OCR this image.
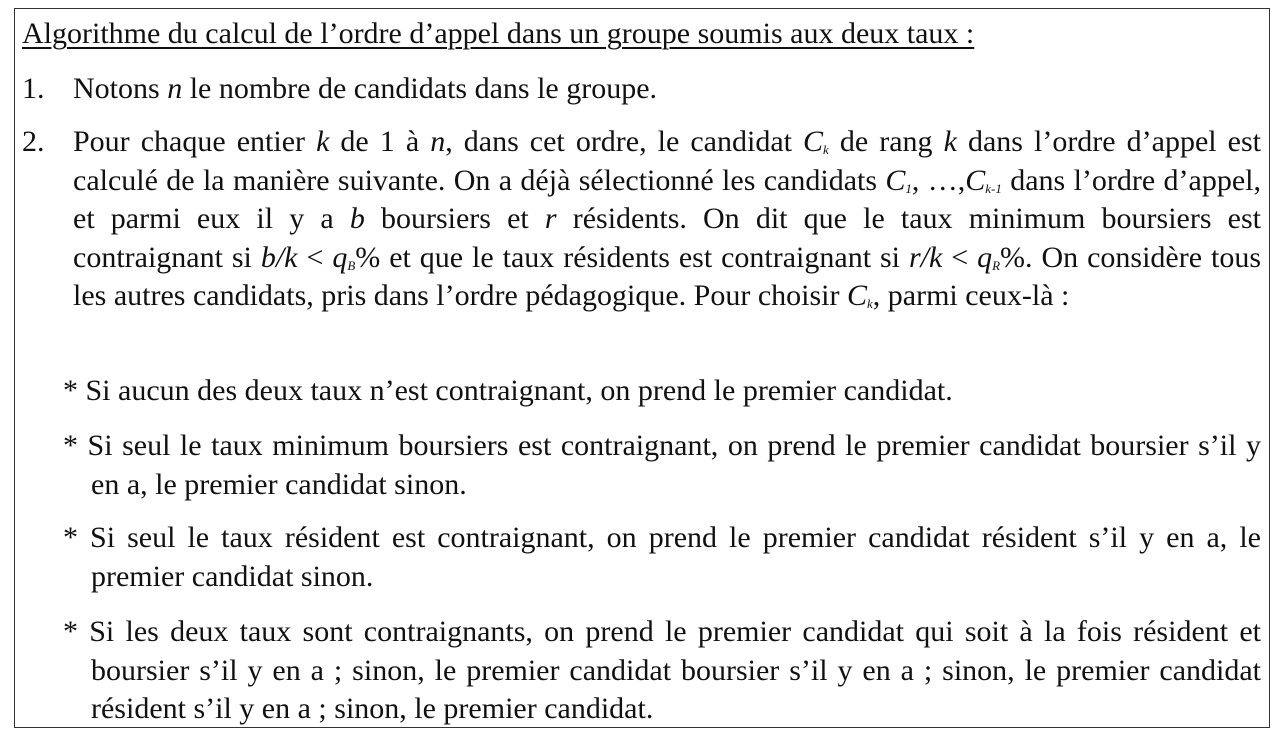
Algorithme du calcul de l’ordre d’appel dans un groupe soumis aux deux taux :
1. Notons n le nombre de candidats dans le groupe.
2. Pour chaque entier k de 1 à n, dans cet ordre, le candidat $C_k$ de rang k dans l’ordre d’appel est calculé de la manière suivante. On a déjà sélectionné les candidats $C_1$, $\dots,C_{k-1}$ dans l’ordre d’appel, et parmi eux il y a b boursiers et r résidents. On dit que le taux minimum boursiers est contraignant si $b/k < q_B\%$ et que le taux résidents est contraignant si $r/k < q_R\%$. On considère tous les autres candidats, pris dans l’ordre pédagogique. Pour choisir $C_k$, parmi ceux-là :
* Si aucun des deux taux n’est contraignant, on prend le premier candidat.
* Si seul le taux minimum boursiers est contraignant, on prend le premier candidat boursier s’il y en a, le premier candidat sinon.
* Si seul le taux résident est contraignant, on prend le premier candidat résident s’il y en a, le premier candidat sinon.
* Si les deux taux sont contraignants, on prend le premier candidat qui soit à la fois résident et boursier s’il y en a ; sinon, le premier candidat boursier s’il y en a ; sinon, le premier candidat résident s’il y en a ; sinon, le premier candidat.
